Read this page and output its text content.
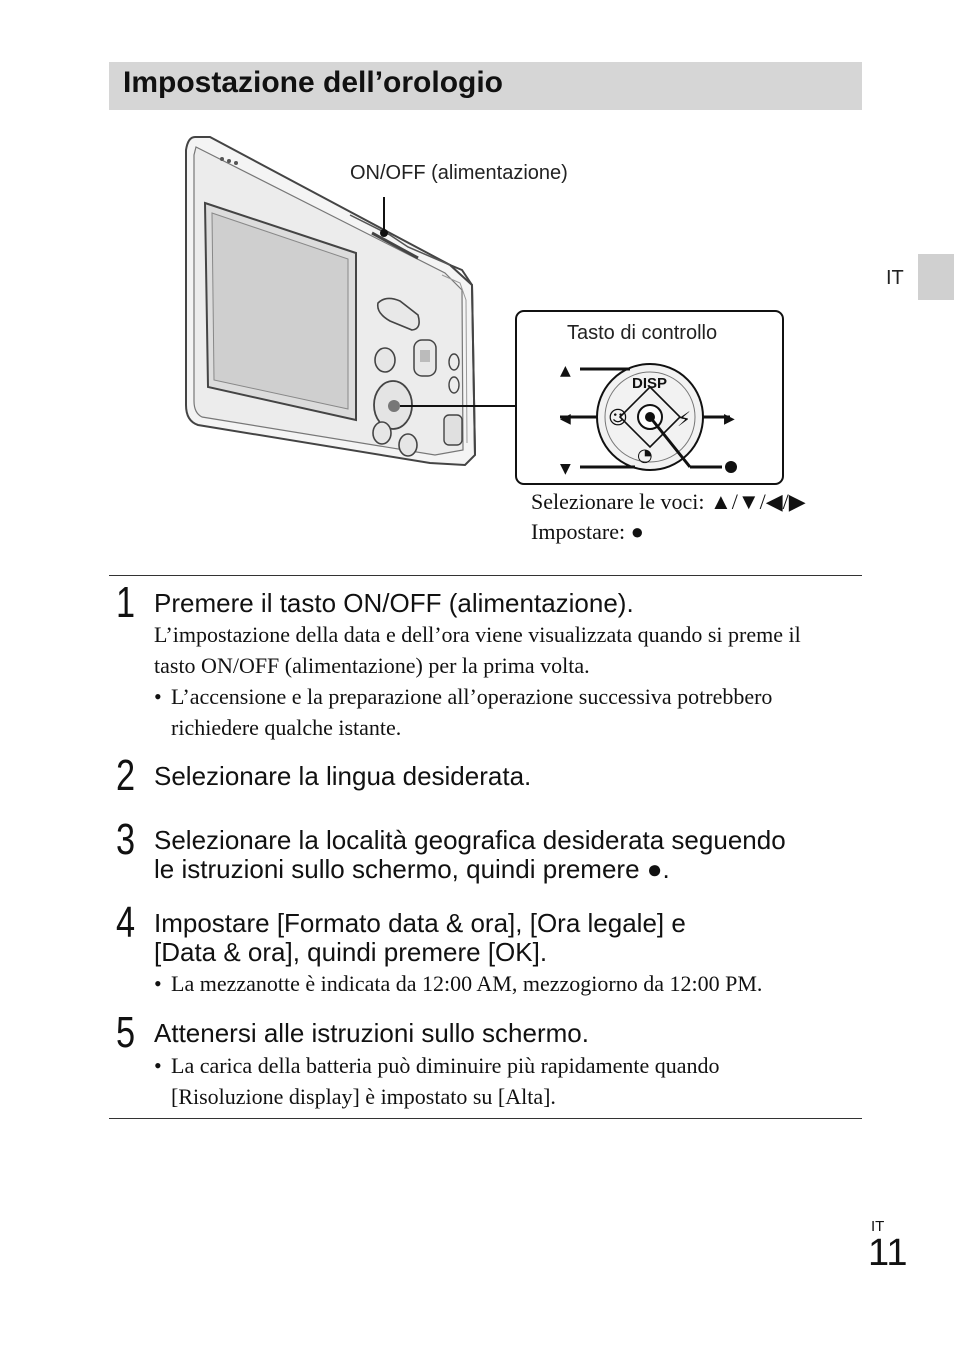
Impostazione dell’orologio
IT
☺ ⚡
◔
▲
◀	▶
▼
ON/OFF (alimentazione)
Tasto di controllo
DISP
Selezionare le voci: ▲/▼/◀/▶
Impostare: ●
1 Premere il tasto ON/OFF (alimentazione).
L’impostazione della data e dell’ora viene visualizzata quando si preme il
tasto ON/OFF (alimentazione) per la prima volta.
• L’accensione e la preparazione all’operazione successiva potrebbero
richiedere qualche istante.
2 Selezionare la lingua desiderata.
3 Selezionare la località geografica desiderata seguendo
le istruzioni sullo schermo, quindi premere ●.
4 Impostare [Formato data & ora], [Ora legale] e
[Data & ora], quindi premere [OK].
• La mezzanotte è indicata da 12:00 AM, mezzogiorno da 12:00 PM.
5 Attenersi alle istruzioni sullo schermo.
• La carica della batteria può diminuire più rapidamente quando
[Risoluzione display] è impostato su [Alta].
IT
11
